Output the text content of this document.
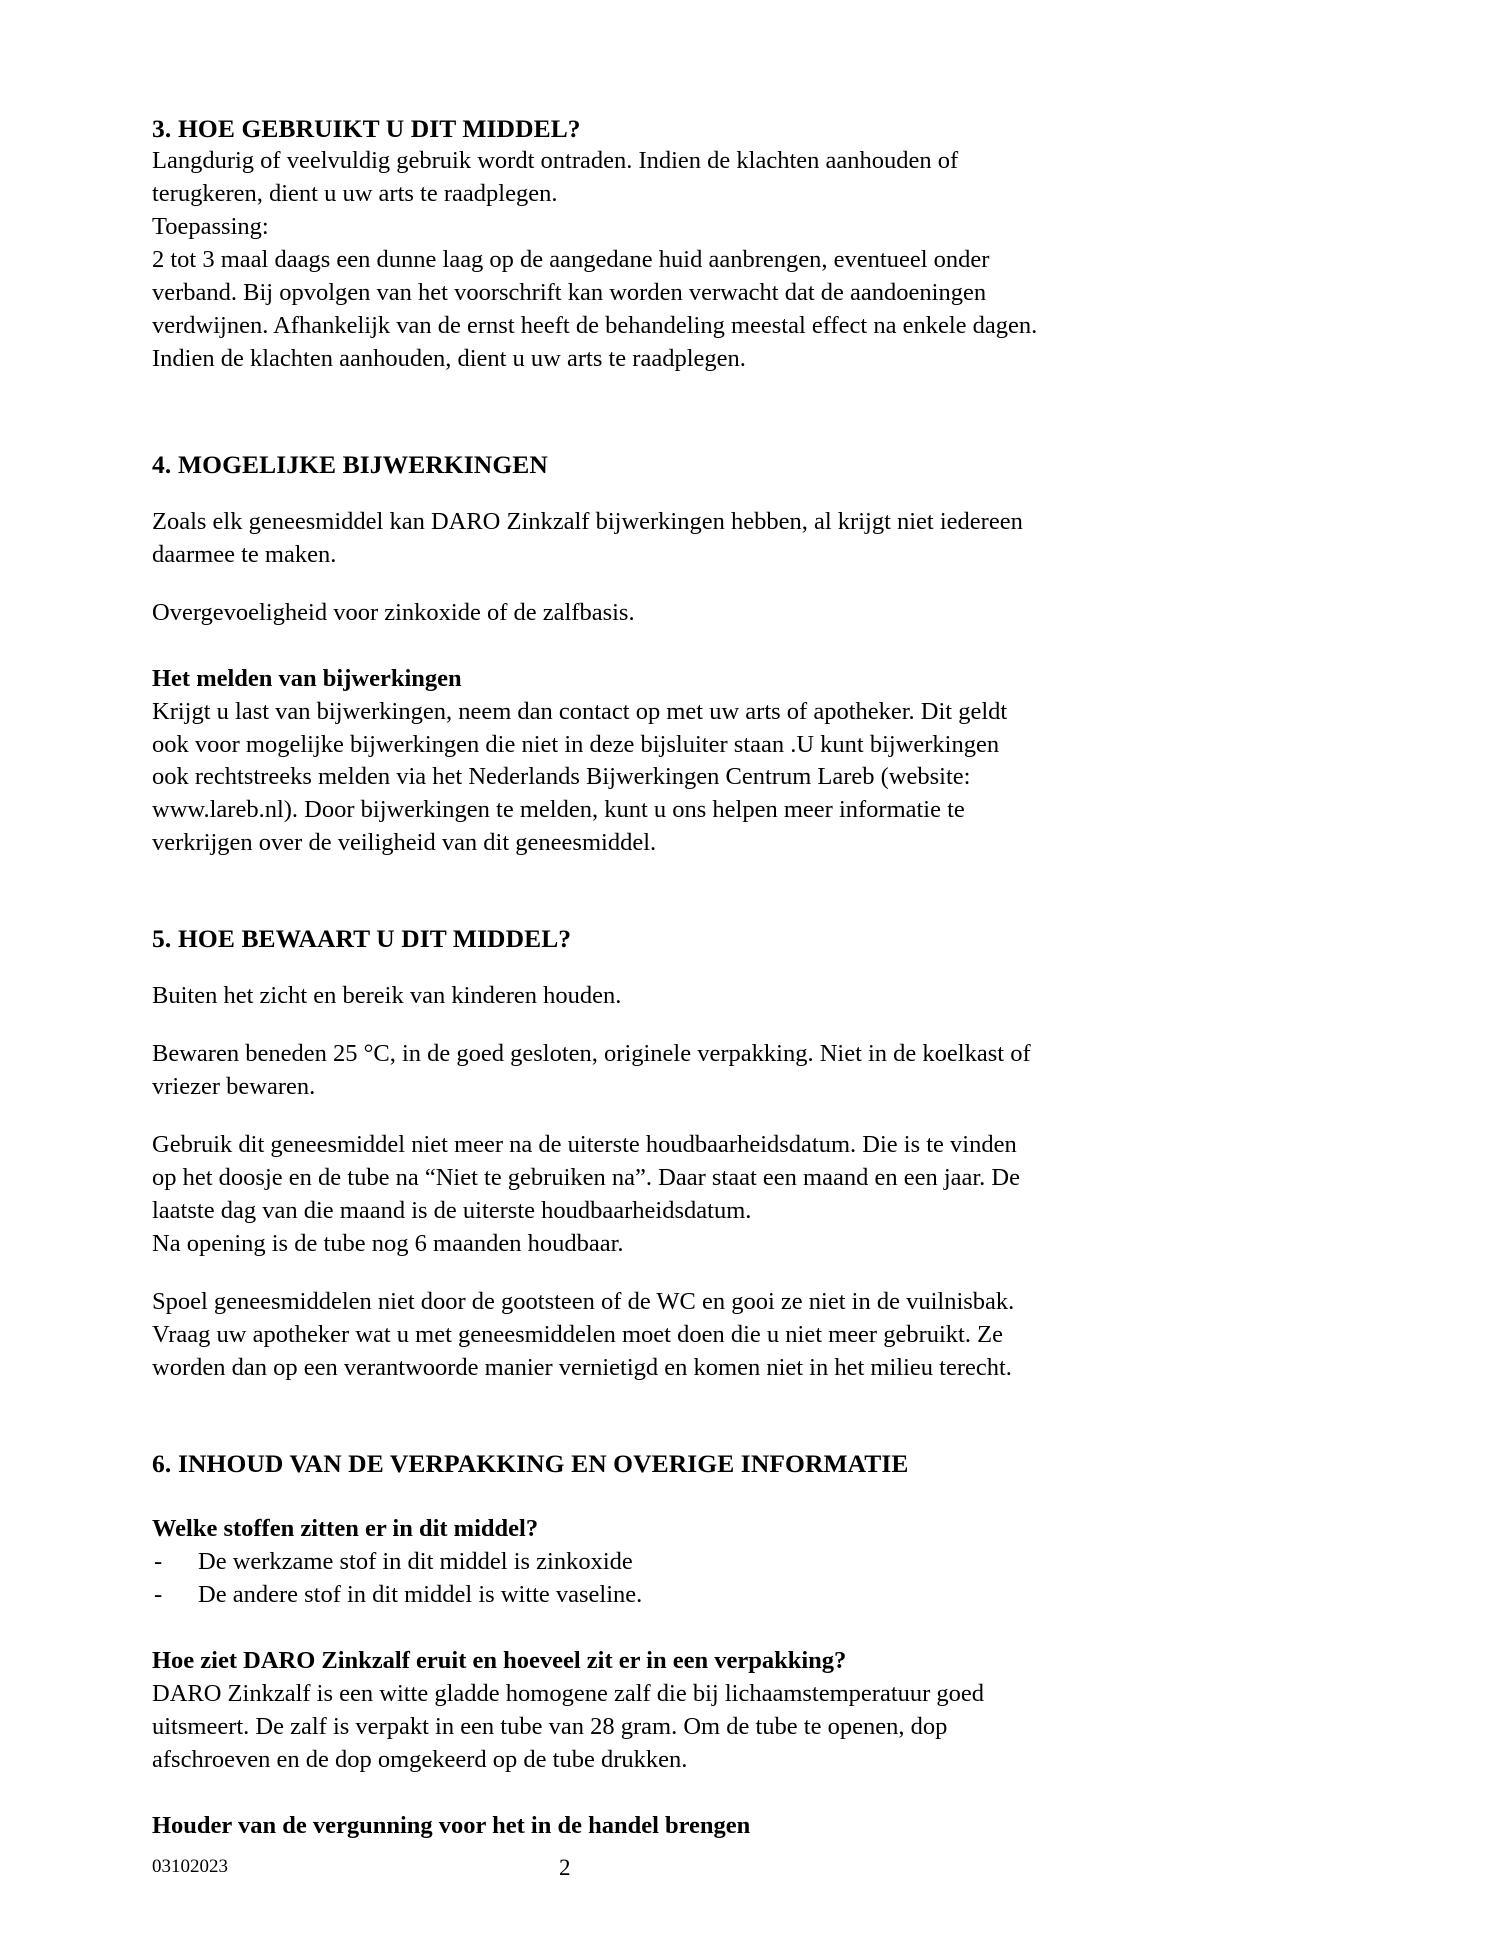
3. HOE GEBRUIKT U DIT MIDDEL?

Langdurig of veelvuldig gebruik wordt ontraden. Indien de klachten aanhouden of terugkeren, dient u uw arts te raadplegen.

Toepassing:

2 tot 3 maal daags een dunne laag op de aangedane huid aanbrengen, eventueel onder verband. Bij opvolgen van het voorschrift kan worden verwacht dat de aandoeningen verdwijnen. Afhankelijk van de ernst heeft de behandeling meestal effect na enkele dagen. Indien de klachten aanhouden, dient u uw arts te raadplegen.

4. MOGELIJKE BIJWERKINGEN

Zoals elk geneesmiddel kan DARO Zinkzalf bijwerkingen hebben, al krijgt niet iedereen daarmee te maken.

Overgevoeligheid voor zinkoxide of de zalfbasis.

Het melden van bijwerkingen

Krijgt u last van bijwerkingen, neem dan contact op met uw arts of apotheker. Dit geldt ook voor mogelijke bijwerkingen die niet in deze bijsluiter staan .U kunt bijwerkingen ook rechtstreeks melden via het Nederlands Bijwerkingen Centrum Lareb (website: www.lareb.nl). Door bijwerkingen te melden, kunt u ons helpen meer informatie te verkrijgen over de veiligheid van dit geneesmiddel.

5. HOE BEWAART U DIT MIDDEL?

Buiten het zicht en bereik van kinderen houden.

Bewaren beneden 25 °C, in de goed gesloten, originele verpakking. Niet in de koelkast of vriezer bewaren.

Gebruik dit geneesmiddel niet meer na de uiterste houdbaarheidsdatum. Die is te vinden op het doosje en de tube na “Niet te gebruiken na”. Daar staat een maand en een jaar. De laatste dag van die maand is de uiterste houdbaarheidsdatum.

Na opening is de tube nog 6 maanden houdbaar.

Spoel geneesmiddelen niet door de gootsteen of de WC en gooi ze niet in de vuilnisbak. Vraag uw apotheker wat u met geneesmiddelen moet doen die u niet meer gebruikt. Ze worden dan op een verantwoorde manier vernietigd en komen niet in het milieu terecht.

6. INHOUD VAN DE VERPAKKING EN OVERIGE INFORMATIE
Welke stoffen zitten er in dit middel?
- De werkzame stof in dit middel is zinkoxide
- De andere stof in dit middel is witte vaseline.
Hoe ziet DARO Zinkzalf eruit en hoeveel zit er in een verpakking?

DARO Zinkzalf is een witte gladde homogene zalf die bij lichaamstemperatuur goed uitsmeert. De zalf is verpakt in een tube van 28 gram. Om de tube te openen, dop afschroeven en de dop omgekeerd op de tube drukken.

Houder van de vergunning voor het in de handel brengen
03102023	2
